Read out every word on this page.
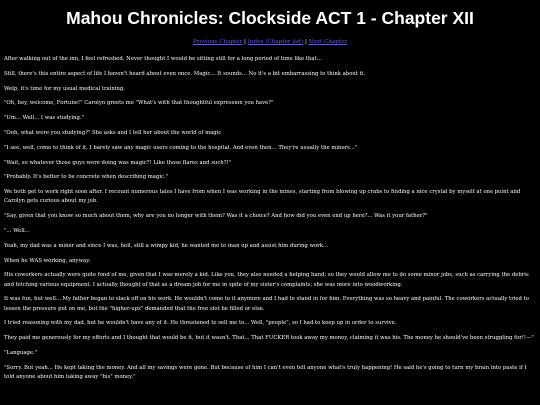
Mahou Chronicles: Clockside ACT 1 - Chapter XII
Previous Chapter | Index (Chapter list) | Next Chapter

After walking out of the inn, I feel refreshed. Never thought I would be sitting still for a long period of time like that...

Still, there's this entire aspect of life I haven't heard about even once. Magic... It sounds... No it's a bit embarrassing to think about it.

Welp, it's time for my usual medical training.

"Oh, hey, welcome, Fortune!" Carolyn greets me "What's with that thoughtful expression you have?"

"Um... Well... I was studying."

"Ooh, what were you studying?" She asks and I tell her about the world of magic

"I see, well, come to think of it, I barely saw any magic users coming to the hospital. And even then... They're usually the miners..."

"Wait, so whatever those guys were doing was magic?! Like those flares and such?!"

"Probably. It's better to be concrete when describing magic."

We both get to work right soon after. I recount numerous tales I have from when I was working in the mines, starting from blowing up crabs to finding a nice crystal by myself at one point and Carolyn gets curious about my job.

"Say, given that you know so much about them, why are you no longer with them? Was it a choice? And how did you even end up here?... Was it your father?"

"... Well...

Yeah, my dad was a miner and since I was, hell, still a wimpy kid, he wanted me to man up and assist him during work...

When he WAS working, anyway.

His coworkers actually were quite fond of me, given that I was merely a kid. Like you, they also needed a helping hand; so they would allow me to do some minor jobs, such as carrying the debris and fetching various equipment. I actually thought of that as a dream job for me in spite of my sister's complaints; she was more into woodworking.

It was fun, but well... My father began to slack off on his work. He wouldn't come to it anymore and I had to stand in for him. Everything was so heavy and painful. The coworkers actually tried to lessen the pressure put on me, but the "higher-ups" demanded that the free slot be filled or else.

I tried reasoning with my dad, but he wouldn't have any of it. He threatened to sell me to... Well, "people", so I had to keep up in order to survive.

They paid me generously for my efforts and I thought that would be it, but it wasn't. That... That FUCKER took away my money, claiming it was his. The money he should've been struggling for!!—"

"Language."

"Sorry. But yeah... He kept taking the money. And all my savings were gone. But because of him I can't even tell anyone what's truly happening! He said he's going to turn my brain into paste if I told anyone about him taking away "his" money."
